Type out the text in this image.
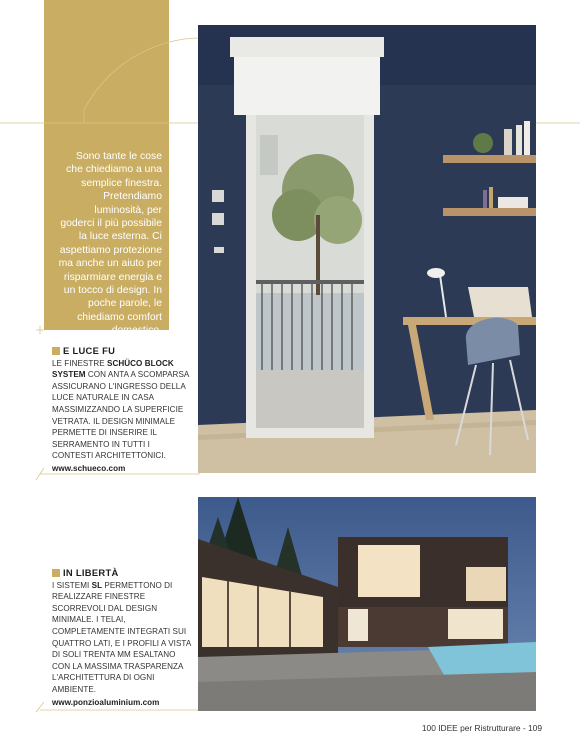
Sono tante le cose che chiediamo a una semplice finestra. Pretendiamo luminosità, per goderci il più possibile la luce esterna. Ci aspettiamo protezione ma anche un aiuto per risparmiare energia e un tocco di design. In poche parole, le chiediamo comfort domestico.
E LUCE FU
LE FINESTRE SCHÜCO BLOCK SYSTEM CON ANTA A SCOMPARSA ASSICURANO L'INGRESSO DELLA LUCE NATURALE IN CASA MASSIMIZZANDO LA SUPERFICIE VETRATA. IL DESIGN MINIMALE PERMETTE DI INSERIRE IL SERRAMENTO IN TUTTI I CONTESTI ARCHITETTONICI.
www.schueco.com
IN LIBERTÀ
I SISTEMI SL PERMETTONO DI REALIZZARE FINESTRE SCORREVOLI DAL DESIGN MINIMALE. I TELAI, COMPLETAMENTE INTEGRATI SUI QUATTRO LATI, E I PROFILI A VISTA DI SOLI TRENTA MM ESALTANO CON LA MASSIMA TRASPARENZA L'ARCHITETTURA DI OGNI AMBIENTE.
www.ponzioaluminium.com
100 IDEE per Ristrutturare - 109
